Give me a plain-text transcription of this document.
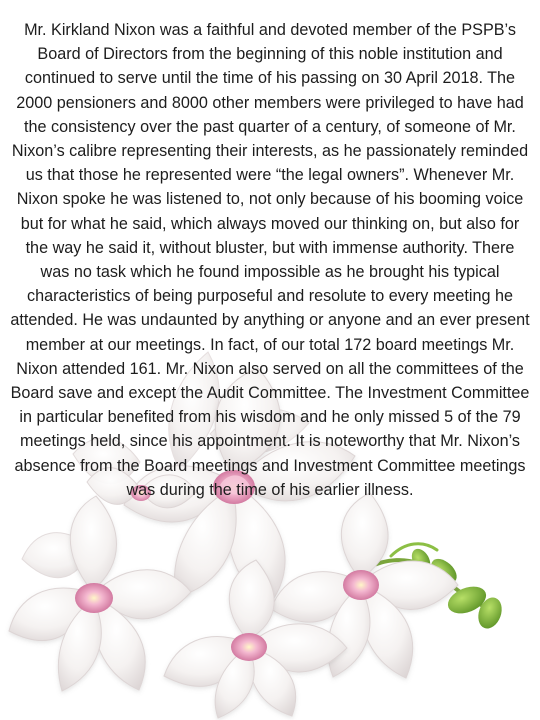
Mr. Kirkland Nixon was a faithful and devoted member of the PSPB’s Board of Directors from the beginning of this noble institution and continued to serve until the time of his passing on 30 April 2018. The 2000 pensioners and 8000 other members were privileged to have had the consistency over the past quarter of a century, of someone of Mr. Nixon’s calibre representing their interests, as he passionately reminded us that those he represented were “the legal owners”. Whenever Mr. Nixon spoke he was listened to, not only because of his booming voice but for what he said, which always moved our thinking on, but also for the way he said it, without bluster, but with immense authority. There was no task which he found impossible as he brought his typical characteristics of being purposeful and resolute to every meeting he attended. He was undaunted by anything or anyone and an ever present member at our meetings. In fact, of our total 172 board meetings Mr. Nixon attended 161. Mr. Nixon also served on all the committees of the Board save and except the Audit Committee. The Investment Committee in particular benefited from his wisdom and he only missed 5 of the 79 meetings held, since his appointment. It is noteworthy that Mr. Nixon’s absence from the Board meetings and Investment Committee meetings was during the time of his earlier illness.
